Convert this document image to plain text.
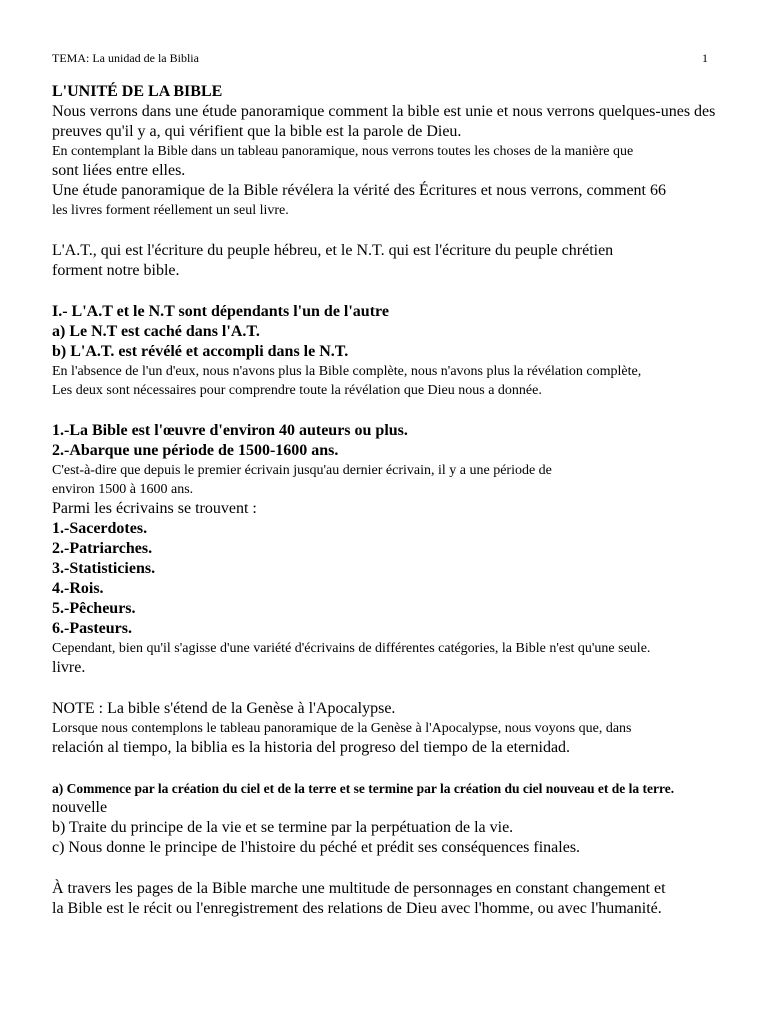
TEMA: La unidad de la Biblia	1
L'UNITÉ DE LA BIBLE
Nous verrons dans une étude panoramique comment la bible est unie et nous verrons quelques-unes des
preuves qu'il y a, qui vérifient que la bible est la parole de Dieu.
En contemplant la Bible dans un tableau panoramique, nous verrons toutes les choses de la manière que
sont liées entre elles.
Une étude panoramique de la Bible révélera la vérité des Écritures et nous verrons, comment 66
les livres forment réellement un seul livre.
L'A.T., qui est l'écriture du peuple hébreu, et le N.T. qui est l'écriture du peuple chrétien
forment notre bible.
I.- L'A.T et le N.T sont dépendants l'un de l'autre
a) Le N.T est caché dans l'A.T.
b) L'A.T. est révélé et accompli dans le N.T.
En l'absence de l'un d'eux, nous n'avons plus la Bible complète, nous n'avons plus la révélation complète,
Les deux sont nécessaires pour comprendre toute la révélation que Dieu nous a donnée.
1.-La Bible est l'œuvre d'environ 40 auteurs ou plus.
2.-Abarque une période de 1500-1600 ans.
C'est-à-dire que depuis le premier écrivain jusqu'au dernier écrivain, il y a une période de
environ 1500 à 1600 ans.
Parmi les écrivains se trouvent :
1.-Sacerdotes.
2.-Patriarches.
3.-Statisticiens.
4.-Rois.
5.-Pêcheurs.
6.-Pasteurs.
Cependant, bien qu'il s'agisse d'une variété d'écrivains de différentes catégories, la Bible n'est qu'une seule.
livre.
NOTE : La bible s'étend de la Genèse à l'Apocalypse.
Lorsque nous contemplons le tableau panoramique de la Genèse à l'Apocalypse, nous voyons que, dans
relación al tiempo, la biblia es la historia del progreso del tiempo de la eternidad.
a) Commence par la création du ciel et de la terre et se termine par la création du ciel nouveau et de la terre.
nouvelle
b) Traite du principe de la vie et se termine par la perpétuation de la vie.
c) Nous donne le principe de l'histoire du péché et prédit ses conséquences finales.
À travers les pages de la Bible marche une multitude de personnages en constant changement et
la Bible est le récit ou l'enregistrement des relations de Dieu avec l'homme, ou avec l'humanité.
